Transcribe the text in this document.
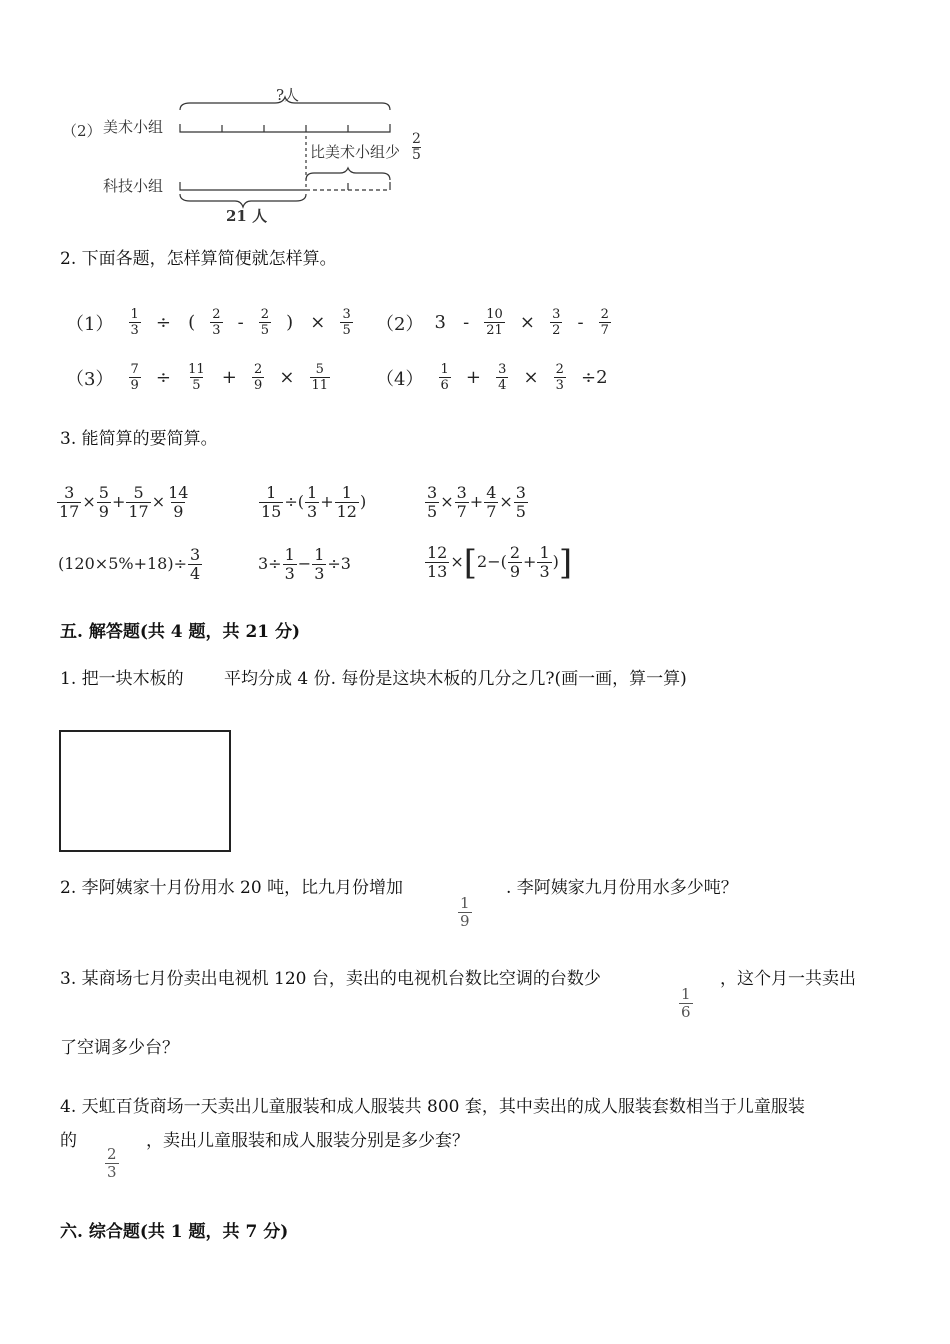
（2） 美术小组
科技小组
?人
比美术小组少
2
5
21 人
2. 下面各题，怎样算简便就怎样算。
$(1) \frac{1}{3}$ ÷ ( $\frac{2}{3} - \frac{2}{5}$ ) × $\frac{3}{5}$	（2） $3 - \frac{10}{21} \times \frac{3}{2} - \frac{2}{7}$
$(3) \frac{7}{9} \div \frac{11}{5} + \frac{2}{9} \times \frac{5}{11}$	$(4) \frac{1}{6} + \frac{3}{4} \times \frac{2}{3} \div 2$
3. 能简算的要简算。
$\frac{3}{17} \times \frac{5}{9} + \frac{5}{17} \times \frac{14}{9}$	$\frac{1}{15}$ ÷( $\frac{1}{3} + \frac{1}{12}$ )	$\frac{3}{5} \times \frac{3}{7} + \frac{4}{7} \times \frac{3}{5}$
$(120\times 5\%+18)\div \frac{3}{4}$	$3\div \frac{1}{3} - \frac{1}{3} \div 3$	$\frac{12}{13} \times[2-( \frac{2}{9} + \frac{1}{3}$ )]
五. 解答题(共 4 题，共 21 分)
1. 把一块木板的 平均分成 4 份. 每份是这块木板的几分之几?(画一画，算一算)
2. 李阿姨家十月份用水 20 吨，比九月份增加
1
9
. 李阿姨家九月份用水多少吨？
3. 某商场七月份卖出电视机 120 台，卖出的电视机台数比空调的台数少
1
6
，这个月一共卖出
了空调多少台？
4. 天虹百货商场一天卖出儿童服装和成人服装共 800 套，其中卖出的成人服装套数相当于儿童服装
的
2
3
，卖出儿童服装和成人服装分别是多少套？
六. 综合题(共 1 题，共 7 分)
